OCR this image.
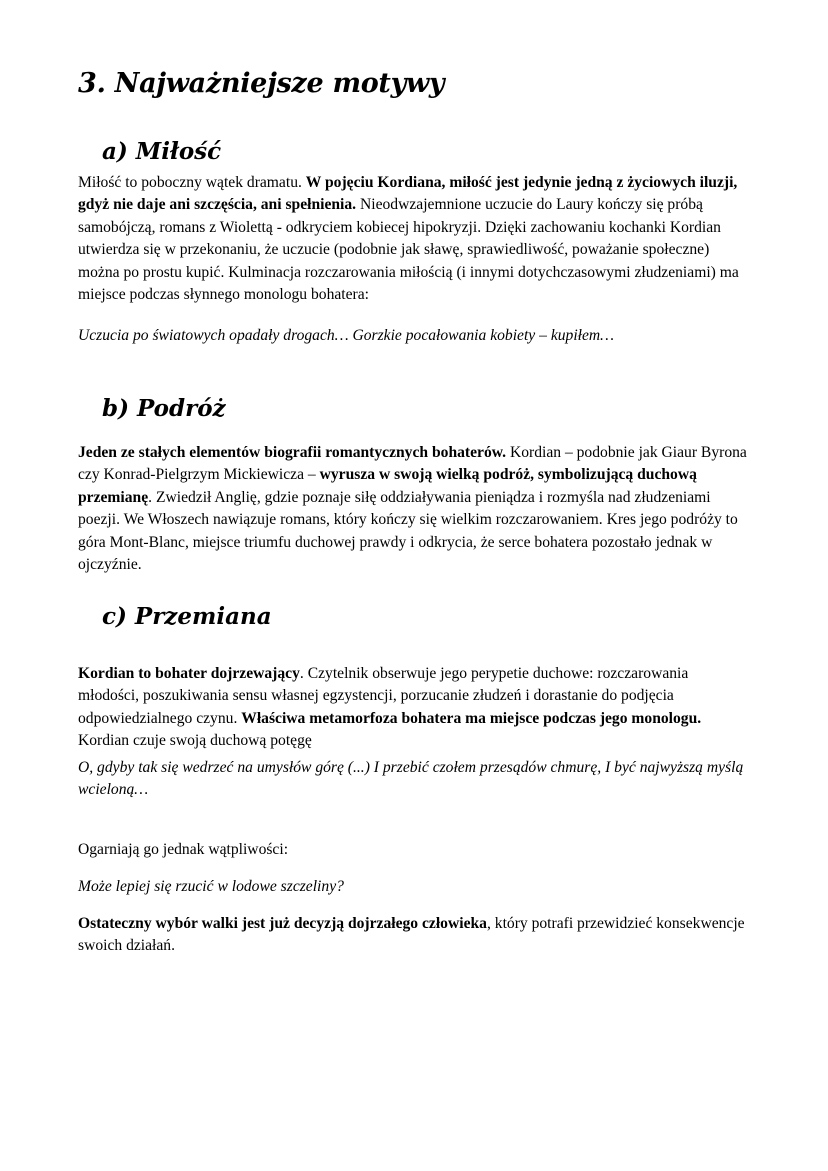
3. Najważniejsze motywy
a) Miłość

Miłość to poboczny wątek dramatu. W pojęciu Kordiana, miłość jest jedynie jedną z życiowych iluzji, gdyż nie daje ani szczęścia, ani spełnienia. Nieodwzajemnione uczucie do Laury kończy się próbą samobójczą, romans z Wiolettą - odkryciem kobiecej hipokryzji. Dzięki zachowaniu kochanki Kordian utwierdza się w przekonaniu, że uczucie (podobnie jak sławę, sprawiedliwość, poważanie społeczne) można po prostu kupić. Kulminacja rozczarowania miłością (i innymi dotychczasowymi złudzeniami) ma miejsce podczas słynnego monologu bohatera:

Uczucia po światowych opadały drogach… Gorzkie pocałowania kobiety – kupiłem…

b) Podróż

Jeden ze stałych elementów biografii romantycznych bohaterów. Kordian – podobnie jak Giaur Byrona czy Konrad-Pielgrzym Mickiewicza – wyrusza w swoją wielką podróż, symbolizującą duchową przemianę. Zwiedził Anglię, gdzie poznaje siłę oddziaływania pieniądza i rozmyśla nad złudzeniami poezji. We Włoszech nawiązuje romans, który kończy się wielkim rozczarowaniem. Kres jego podróży to góra Mont-Blanc, miejsce triumfu duchowej prawdy i odkrycia, że serce bohatera pozostało jednak w ojczyźnie.

c) Przemiana

Kordian to bohater dojrzewający. Czytelnik obserwuje jego perypetie duchowe: rozczarowania młodości, poszukiwania sensu własnej egzystencji, porzucanie złudzeń i dorastanie do podjęcia odpowiedzialnego czynu. Właściwa metamorfoza bohatera ma miejsce podczas jego monologu. Kordian czuje swoją duchową potęgę

O, gdyby tak się wedrzeć na umysłów górę (...) I przebić czołem przesądów chmurę, I być najwyższą myślą wcieloną…

Ogarniają go jednak wątpliwości:

Może lepiej się rzucić w lodowe szczeliny?

Ostateczny wybór walki jest już decyzją dojrzałego człowieka, który potrafi przewidzieć konsekwencje swoich działań.
